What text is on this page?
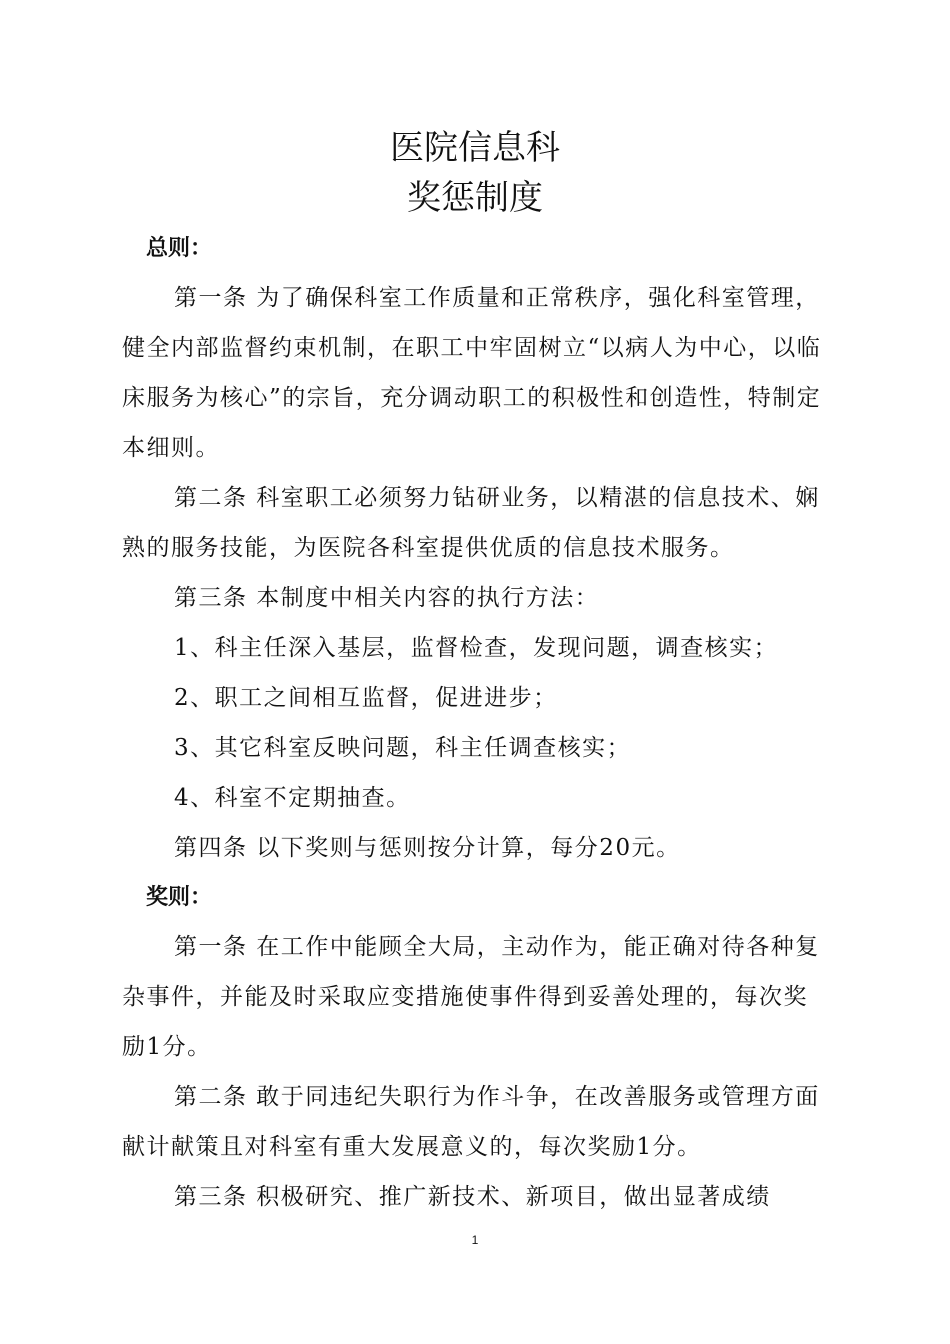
医院信息科
奖惩制度
总则：

第一条 为了确保科室工作质量和正常秩序，强化科室管理，健全内部监督约束机制，在职工中牢固树立“以病人为中心，以临床服务为核心”的宗旨，充分调动职工的积极性和创造性，特制定本细则。

第二条 科室职工必须努力钻研业务，以精湛的信息技术、娴熟的服务技能，为医院各科室提供优质的信息技术服务。

第三条 本制度中相关内容的执行方法：

1、科主任深入基层，监督检查，发现问题，调查核实；

2、职工之间相互监督，促进进步；

3、其它科室反映问题，科主任调查核实；

4、科室不定期抽查。

第四条 以下奖则与惩则按分计算，每分20元。

奖则：

第一条 在工作中能顾全大局，主动作为，能正确对待各种复杂事件，并能及时采取应变措施使事件得到妥善处理的，每次奖励1分。

第二条 敢于同违纪失职行为作斗争，在改善服务或管理方面献计献策且对科室有重大发展意义的，每次奖励1分。

第三条 积极研究、推广新技术、新项目，做出显著成绩

1
